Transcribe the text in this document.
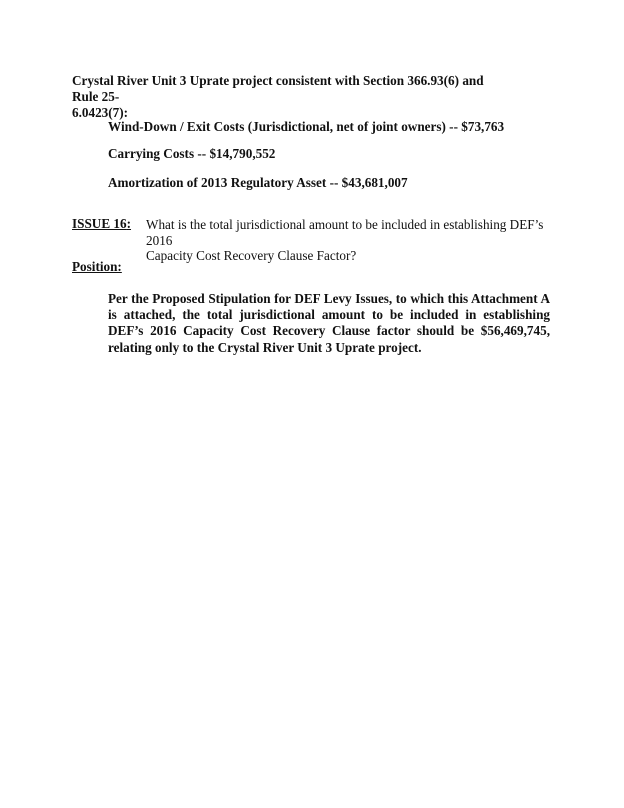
Crystal River Unit 3 Uprate project consistent with Section 366.93(6) and Rule 25-
6.0423(7):
Wind-Down / Exit Costs (Jurisdictional, net of joint owners) -- $73,763
Carrying Costs -- $14,790,552
Amortization of 2013 Regulatory Asset -- $43,681,007
ISSUE 16: What is the total jurisdictional amount to be included in establishing DEF’s 2016
Capacity Cost Recovery Clause Factor?
Position:
Per the Proposed Stipulation for DEF Levy Issues, to which this Attachment A is attached, the total jurisdictional amount to be included in establishing DEF’s 2016 Capacity Cost Recovery Clause factor should be $56,469,745, relating only to the Crystal River Unit 3 Uprate project.
